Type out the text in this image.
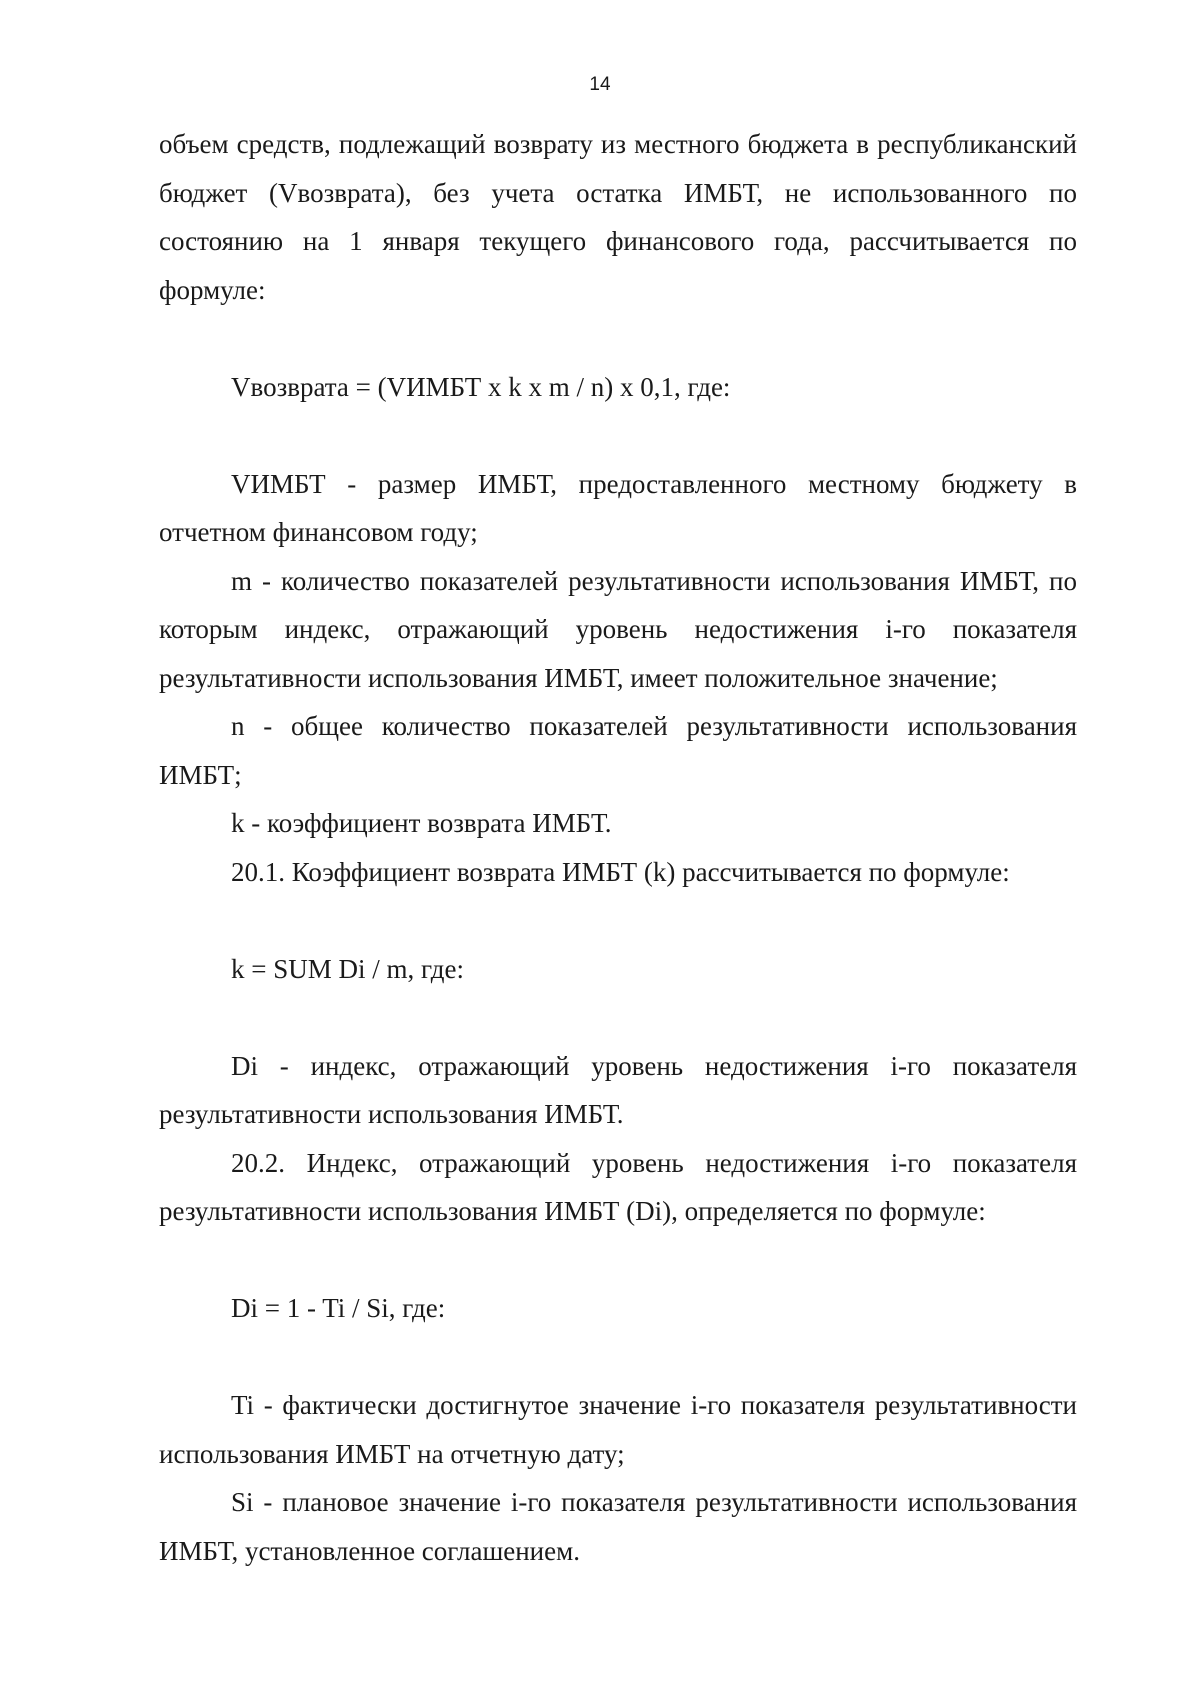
14

объем средств, подлежащий возврату из местного бюджета в республиканский бюджет (Vвозврата), без учета остатка ИМБТ, не использованного по состоянию на 1 января текущего финансового года, рассчитывается по формуле:

Vвозврата = (VИМБТ x k x m / n) x 0,1, где:

VИМБТ - размер ИМБТ, предоставленного местному бюджету в отчетном финансовом году;

m - количество показателей результативности использования ИМБТ, по которым индекс, отражающий уровень недостижения i-го показателя результативности использования ИМБТ, имеет положительное значение;

n - общее количество показателей результативности использования ИМБТ;

k - коэффициент возврата ИМБТ.

20.1. Коэффициент возврата ИМБТ (k) рассчитывается по формуле:

k = SUM Di / m, где:

Di - индекс, отражающий уровень недостижения i-го показателя результативности использования ИМБТ.

20.2. Индекс, отражающий уровень недостижения i-го показателя результативности использования ИМБТ (Di), определяется по формуле:

Di = 1 - Ti / Si, где:

Ti - фактически достигнутое значение i-го показателя результативности использования ИМБТ на отчетную дату;

Si - плановое значение i-го показателя результативности использования ИМБТ, установленное соглашением.
